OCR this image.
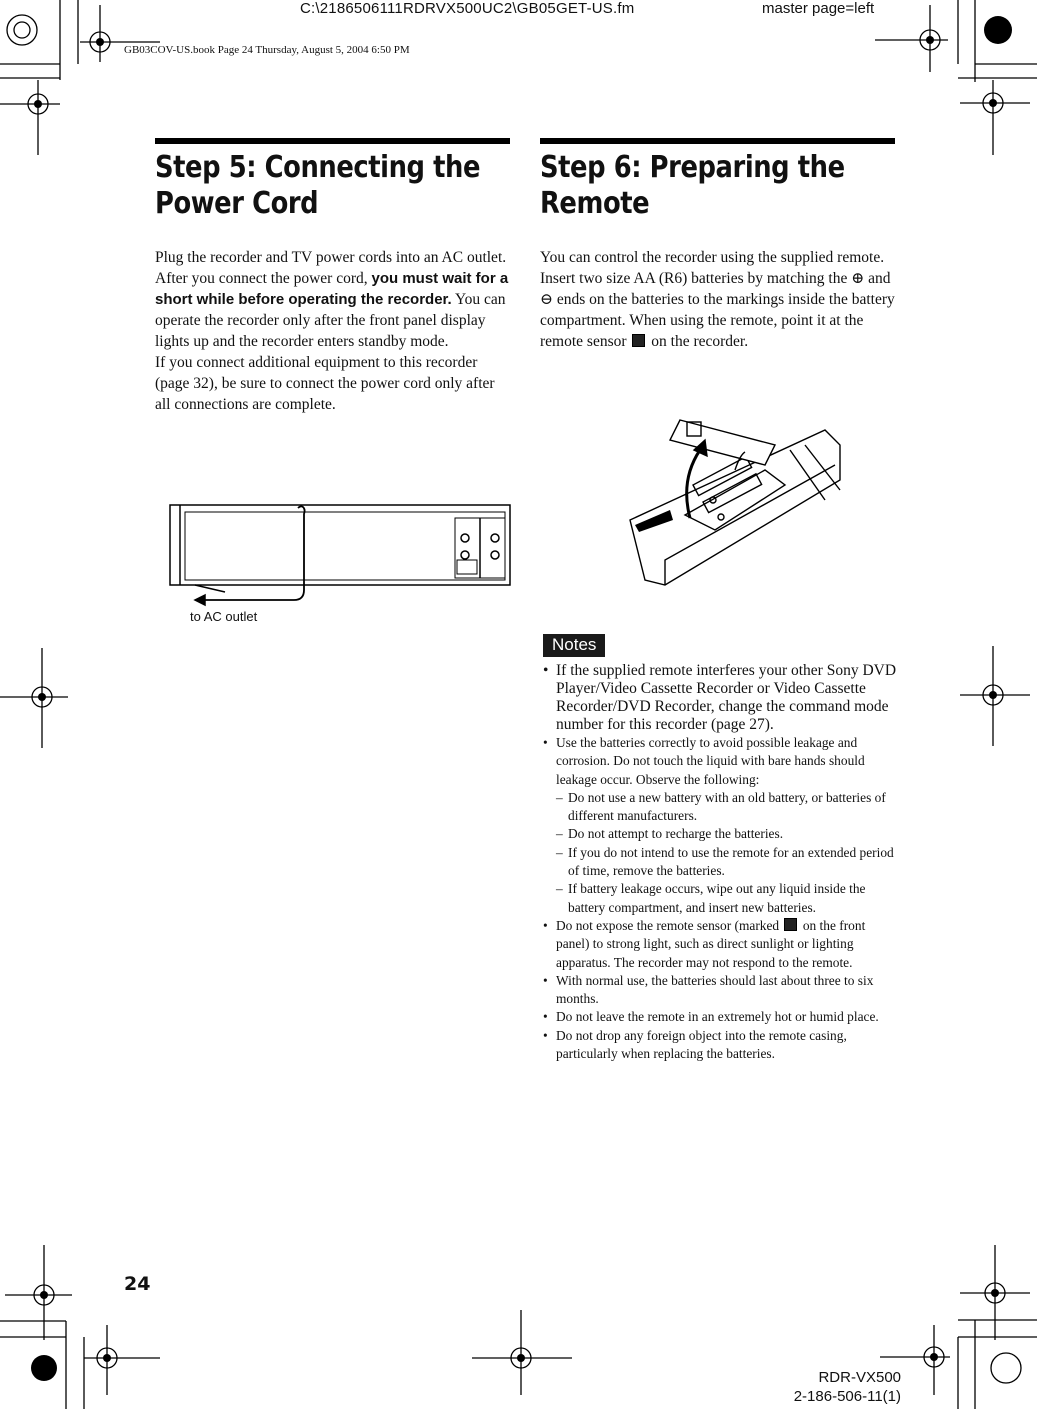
C:\2186506111RDRVX500UC2\GB05GET-US.fm	master page=left
GB03COV-US.book Page 24 Thursday, August 5, 2004 6:50 PM

Step 5: Connecting the
Power Cord

Plug the recorder and TV power cords into an AC outlet. After you connect the power cord, you must wait for a short while before operating the recorder. You can operate the recorder only after the front panel display lights up and the recorder enters standby mode.

If you connect additional equipment to this recorder (page 32), be sure to connect the power cord only after all connections are complete.

to AC outlet

Step 6: Preparing the
Remote

You can control the recorder using the supplied remote. Insert two size AA (R6) batteries by matching the ⊕ and ⊖ ends on the batteries to the markings inside the battery compartment. When using the remote, point it at the remote sensor  on the recorder.

Notes
• If the supplied remote interferes your other Sony DVD Player/Video Cassette Recorder or Video Cassette Recorder/DVD Recorder, change the command mode number for this recorder (page 27).
• Use the batteries correctly to avoid possible leakage and corrosion. Do not touch the liquid with bare hands should leakage occur. Observe the following:
– Do not use a new battery with an old battery, or batteries of different manufacturers.
– Do not attempt to recharge the batteries.
– If you do not intend to use the remote for an extended period of time, remove the batteries.
– If battery leakage occurs, wipe out any liquid inside the battery compartment, and insert new batteries.
• Do not expose the remote sensor (marked  on the front panel) to strong light, such as direct sunlight or lighting apparatus. The recorder may not respond to the remote.
• With normal use, the batteries should last about three to six months.
• Do not leave the remote in an extremely hot or humid place.
• Do not drop any foreign object into the remote casing, particularly when replacing the batteries.
24
RDR-VX500
2-186-506-11(1)
